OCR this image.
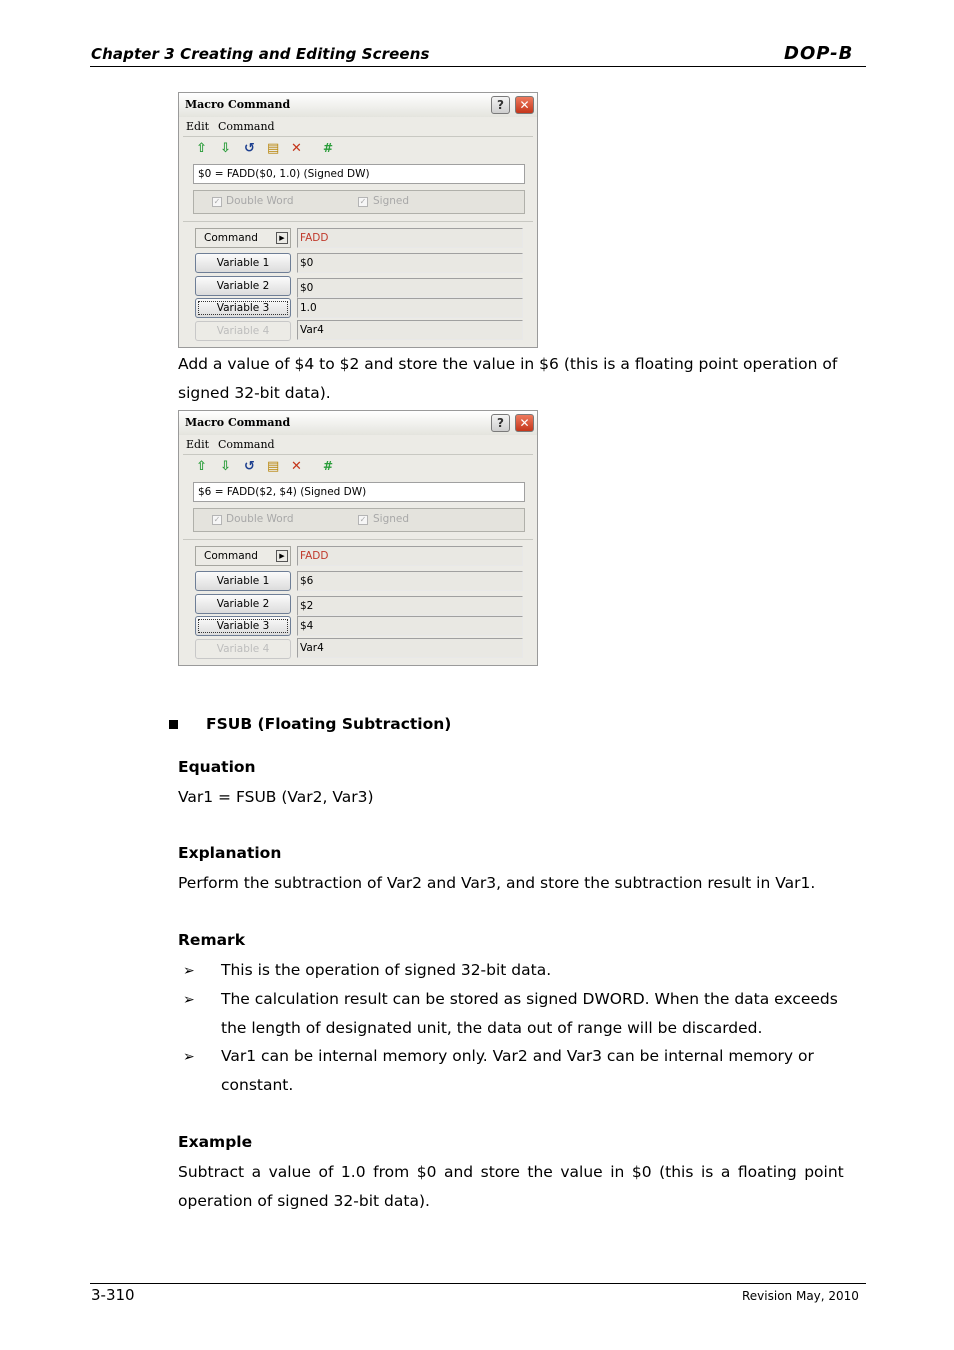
Chapter 3 Creating and Editing Screens	DOP-B
Macro Command	?	✕
Edit Command
⇧ ⇩ ↺ ▤ ✕ #
$0 = FADD($0, 1.0) (Signed DW)
✓ Double Word	✓ Signed
Command	▶	FADD
Variable 1	$0
Variable 2	$0
Variable 3	1.0
Variable 4	Var4
Add a value of $4 to $2 and store the value in $6 (this is a floating point operation of
signed 32-bit data).
Macro Command	?	✕
Edit Command
⇧ ⇩ ↺ ▤ ✕ #
$6 = FADD($2, $4) (Signed DW)
✓ Double Word	✓ Signed
Command	▶	FADD
Variable 1	$6
Variable 2	$2
Variable 3	$4
Variable 4	Var4
FSUB (Floating Subtraction)
Equation
Var1 = FSUB (Var2, Var3)
Explanation
Perform the subtraction of Var2 and Var3, and store the subtraction result in Var1.
Remark
➢ This is the operation of signed 32-bit data.
➢ The calculation result can be stored as signed DWORD. When the data exceeds
the length of designated unit, the data out of range will be discarded.
➢ Var1 can be internal memory only. Var2 and Var3 can be internal memory or
constant.
Example
Subtract a value of 1.0 from $0 and store the value in $0 (this is a floating point
operation of signed 32-bit data).
3-310	Revision May, 2010
